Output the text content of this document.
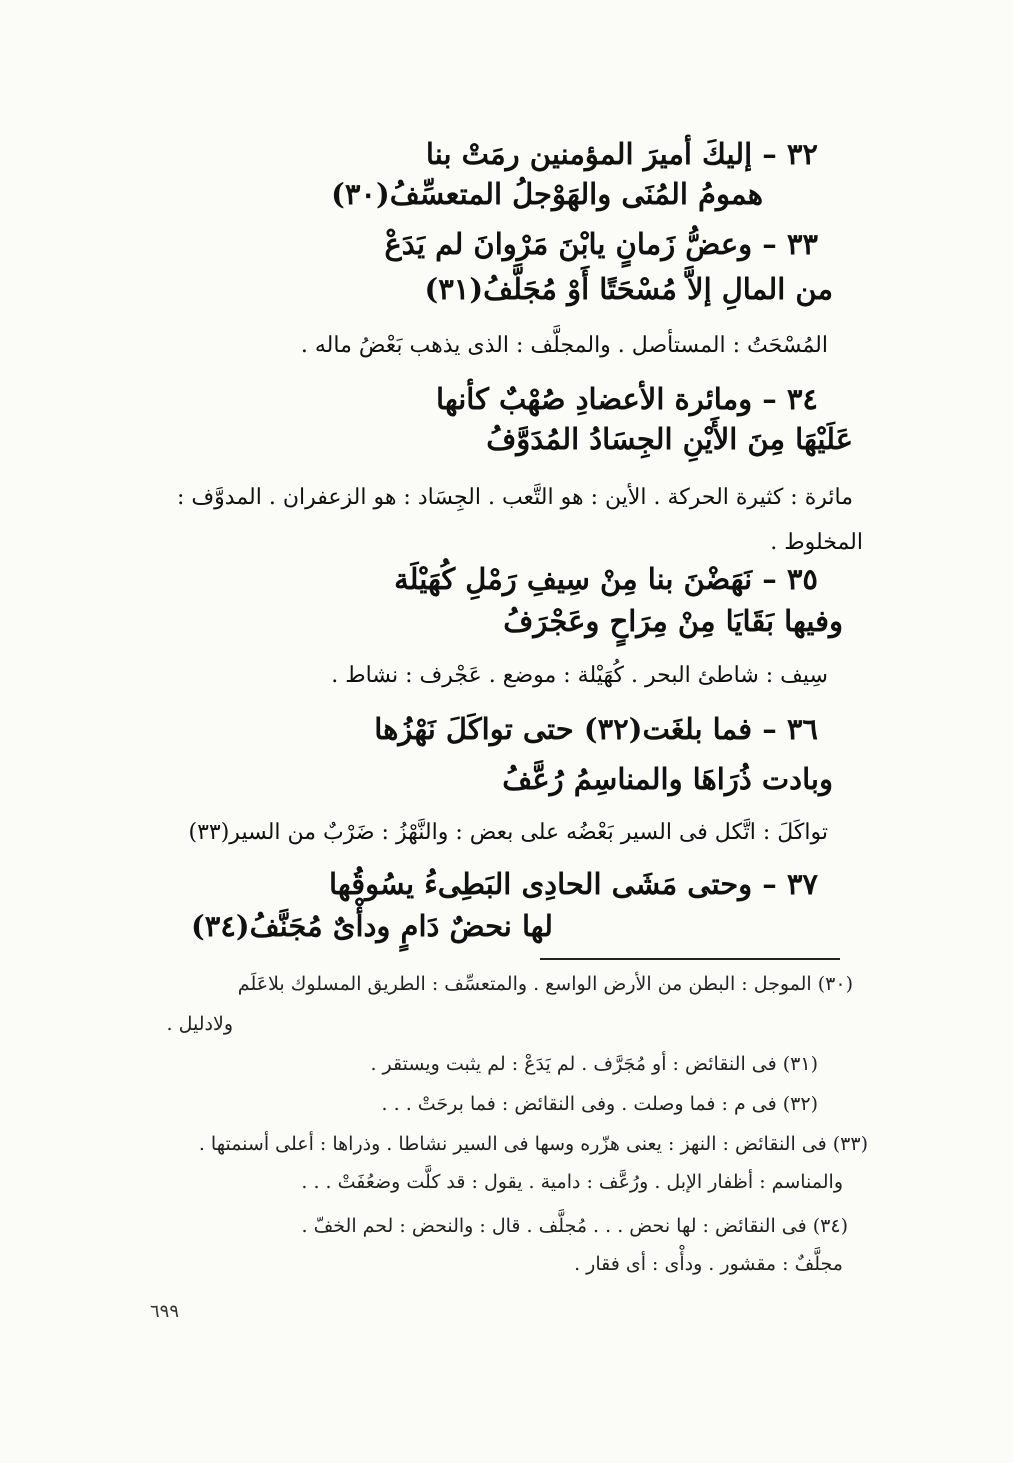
٣٢ – إليكَ أميرَ المؤمنين رمَتْ بنا
همومُ المُنَى والهَوْجلُ المتعسِّفُ(٣٠)
٣٣ – وعضُّ زَمانٍ يابْنَ مَرْوانَ لم يَدَعْ
من المالِ إلاَّ مُسْحَتًا أَوْ مُجَلَّفُ(٣١)
المُسْحَتُ : المستأصل . والمجلَّف : الذى يذهب بَعْضُ ماله .
٣٤ – ومائرة الأعضادِ صُهْبٌ كأنها
عَلَيْهَا مِنَ الأَيْنِ الجِسَادُ المُدَوَّفُ
مائرة : كثيرة الحركة . الأين : هو التَّعب . الجِسَاد : هو الزعفران . المدوَّف :
المخلوط .
٣٥ – نَهَضْنَ بنا مِنْ سِيفِ رَمْلِ كُهَيْلَة
وفيها بَقَايَا مِنْ مِرَاحٍ وعَجْرَفُ
سِيف : شاطئ البحر . كُهَيْلة : موضع . عَجْرف : نشاط .
٣٦ – فما بلغَت(٣٢) حتى تواكَلَ نَهْزُها
وبادت ذُرَاهَا والمناسِمُ رُعَّفُ
تواكَلَ : اتَّكل فى السير بَعْضُه على بعض : والنَّهْزُ : ضَرْبٌ من السير(٣٣)
٣٧ – وحتى مَشَى الحادِى البَطِىءُ يسُوقُها
لها نحضٌ دَامٍ ودأْىٌ مُجَنَّفُ(٣٤)
(٣٠) الموجل : البطن من الأرض الواسع . والمتعسِّف : الطريق المسلوك بلاعَلَم
ولادليل .
(٣١) فى النقائض : أو مُجَرَّف . لم يَدَعْ : لم يثبت ويستقر .
(٣٢) فى م : فما وصلت . وفى النقائض : فما برحَتْ . . .
(٣٣) فى النقائض : النهز : يعنى هزّره وسها فى السير نشاطا . وذراها : أعلى أسنمتها .
والمناسم : أظفار الإبل . ورُعَّف : دامية . يقول : قد كلَّت وضعُفَتْ . . .
(٣٤) فى النقائض : لها نحض . . . مُجلَّف . قال : والنحض : لحم الخفّ .
مجلَّفٌ : مقشور . ودأْى : أى فقار .
٦٩٩
